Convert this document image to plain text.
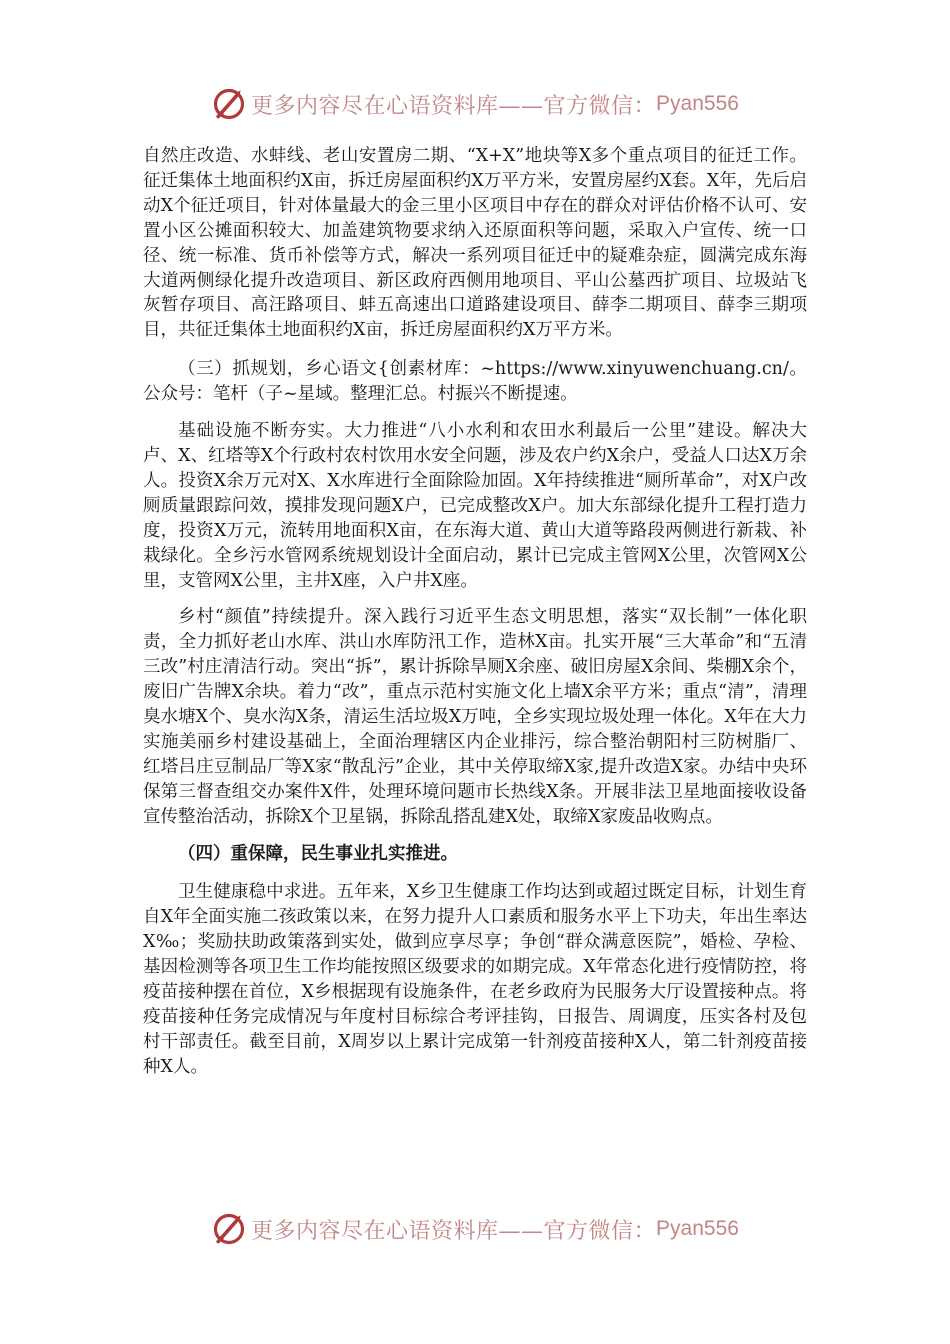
更多内容尽在心语资料库——官方微信： Pyan556

自然庄改造、水蚌线、老山安置房二期、“X+X”地块等X多个重点项目的征迁工作。征迁集体土地面积约X亩，拆迁房屋面积约X万平方米，安置房屋约X套。X年，先后启动X个征迁项目，针对体量最大的金三里小区项目中存在的群众对评估价格不认可、安置小区公摊面积较大、加盖建筑物要求纳入还原面积等问题，采取入户宣传、统一口径、统一标准、货币补偿等方式，解决一系列项目征迁中的疑难杂症，圆满完成东海大道两侧绿化提升改造项目、新区政府西侧用地项目、平山公墓西扩项目、垃圾站飞灰暂存项目、高汪路项目、蚌五高速出口道路建设项目、薛李二期项目、薛李三期项目，共征迁集体土地面积约X亩，拆迁房屋面积约X万平方米。

（三）抓规划，乡心语文{创素材库：~https://www.xinyuwenchuang.cn/。公众号：笔杆（子~星域。整理汇总。村振兴不断提速。

基础设施不断夯实。大力推进“八小水利和农田水利最后一公里”建设。解决大卢、X、红塔等X个行政村农村饮用水安全问题，涉及农户约X余户，受益人口达X万余人。投资X余万元对X、X水库进行全面除险加固。X年持续推进“厕所革命”，对X户改厕质量跟踪问效，摸排发现问题X户，已完成整改X户。加大东部绿化提升工程打造力度，投资X万元，流转用地面积X亩，在东海大道、黄山大道等路段两侧进行新栽、补栽绿化。全乡污水管网系统规划设计全面启动，累计已完成主管网X公里，次管网X公里，支管网X公里，主井X座，入户井X座。

乡村“颜值”持续提升。深入践行习近平生态文明思想，落实“双长制”一体化职责，全力抓好老山水库、洪山水库防汛工作，造林X亩。扎实开展“三大革命”和“五清三改”村庄清洁行动。突出“拆”，累计拆除旱厕X余座、破旧房屋X余间、柴棚X余个，废旧广告牌X余块。着力“改”，重点示范村实施文化上墙X余平方米；重点“清”，清理臭水塘X个、臭水沟X条，清运生活垃圾X万吨，全乡实现垃圾处理一体化。X年在大力实施美丽乡村建设基础上，全面治理辖区内企业排污，综合整治朝阳村三防树脂厂、红塔吕庄豆制品厂等X家“散乱污”企业，其中关停取缔X家,提升改造X家。办结中央环保第三督查组交办案件X件，处理环境问题市长热线X条。开展非法卫星地面接收设备宣传整治活动，拆除X个卫星锅，拆除乱搭乱建X处，取缔X家废品收购点。

（四）重保障，民生事业扎实推进。

卫生健康稳中求进。五年来，X乡卫生健康工作均达到或超过既定目标，计划生育自X年全面实施二孩政策以来，在努力提升人口素质和服务水平上下功夫，年出生率达X‰；奖励扶助政策落到实处，做到应享尽享；争创“群众满意医院”，婚检、孕检、基因检测等各项卫生工作均能按照区级要求的如期完成。X年常态化进行疫情防控，将疫苗接种摆在首位，X乡根据现有设施条件，在老乡政府为民服务大厅设置接种点。将疫苗接种任务完成情况与年度村目标综合考评挂钩，日报告、周调度，压实各村及包村干部责任。截至目前，X周岁以上累计完成第一针剂疫苗接种X人，第二针剂疫苗接种X人。

更多内容尽在心语资料库——官方微信： Pyan556
